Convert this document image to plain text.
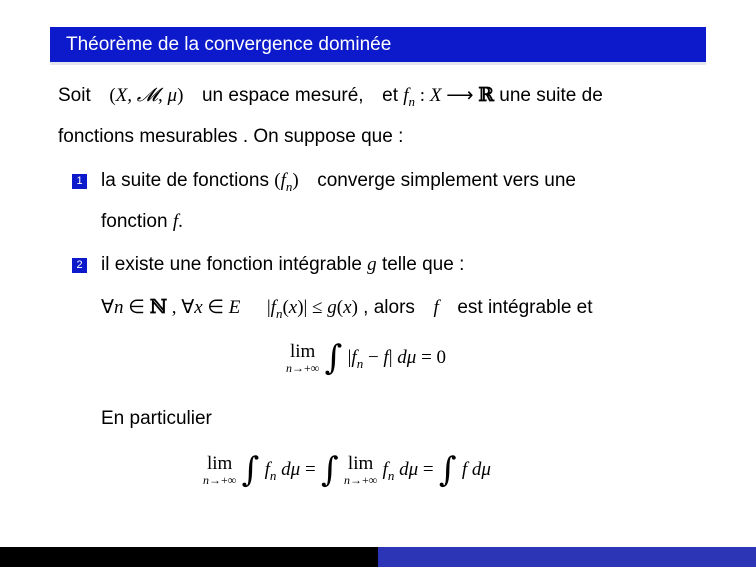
Théorème de la convergence dominée
Soit (X, 𝓜, μ) un espace mesuré, et $f_n$ : X ⟶ ℝ une suite de
fonctions mesurables . On suppose que :
1 la suite de fonctions $(f_n)$ converge simplement vers une
fonction f.
2 il existe une fonction intégrable g telle que :
∀n ∈ ℕ , ∀x ∈ E $|f_n(x)| \le g(x)$ , alors f est intégrable et
lim
n→+∞ ∫ $|f_n - f|$ dμ = 0
En particulier
lim
n→+∞ ∫ $f_n$ dμ = ∫ lim
n→+∞ $f_n$ dμ = ∫ f dμ
